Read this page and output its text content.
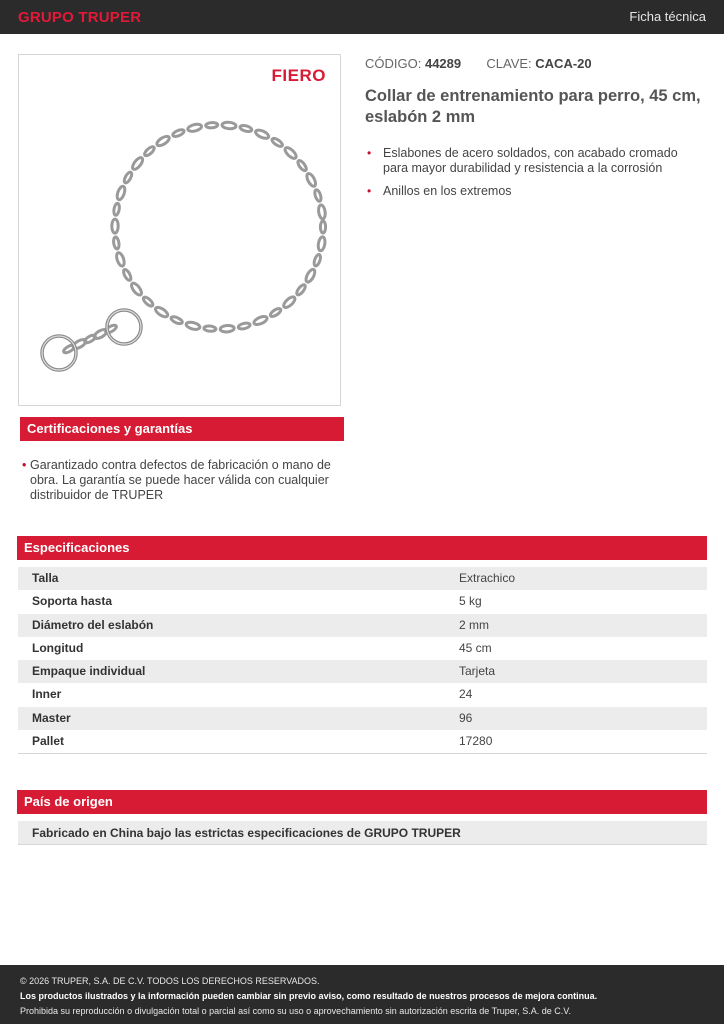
GRUPO TRUPER	Ficha técnica
FIERO
CÓDIGO: 44289 CLAVE: CACA-20
Collar de entrenamiento para perro, 45 cm, eslabón 2 mm
• Eslabones de acero soldados, con acabado cromado para mayor durabilidad y resistencia a la corrosión
• Anillos en los extremos
Certificaciones y garantías
• Garantizado contra defectos de fabricación o mano de obra. La garantía se puede hacer válida con cualquier distribuidor de TRUPER
Especificaciones
Talla	Extrachico
Soporta hasta	5 kg
Diámetro del eslabón	2 mm
Longitud	45 cm
Empaque individual	Tarjeta
Inner	24
Master	96
Pallet	17280
País de origen
Fabricado en China bajo las estrictas especificaciones de GRUPO TRUPER
© 2026 TRUPER, S.A. DE C.V. TODOS LOS DERECHOS RESERVADOS.
Los productos ilustrados y la información pueden cambiar sin previo aviso, como resultado de nuestros procesos de mejora continua.
Prohibida su reproducción o divulgación total o parcial así como su uso o aprovechamiento sin autorización escrita de Truper, S.A. de C.V.
